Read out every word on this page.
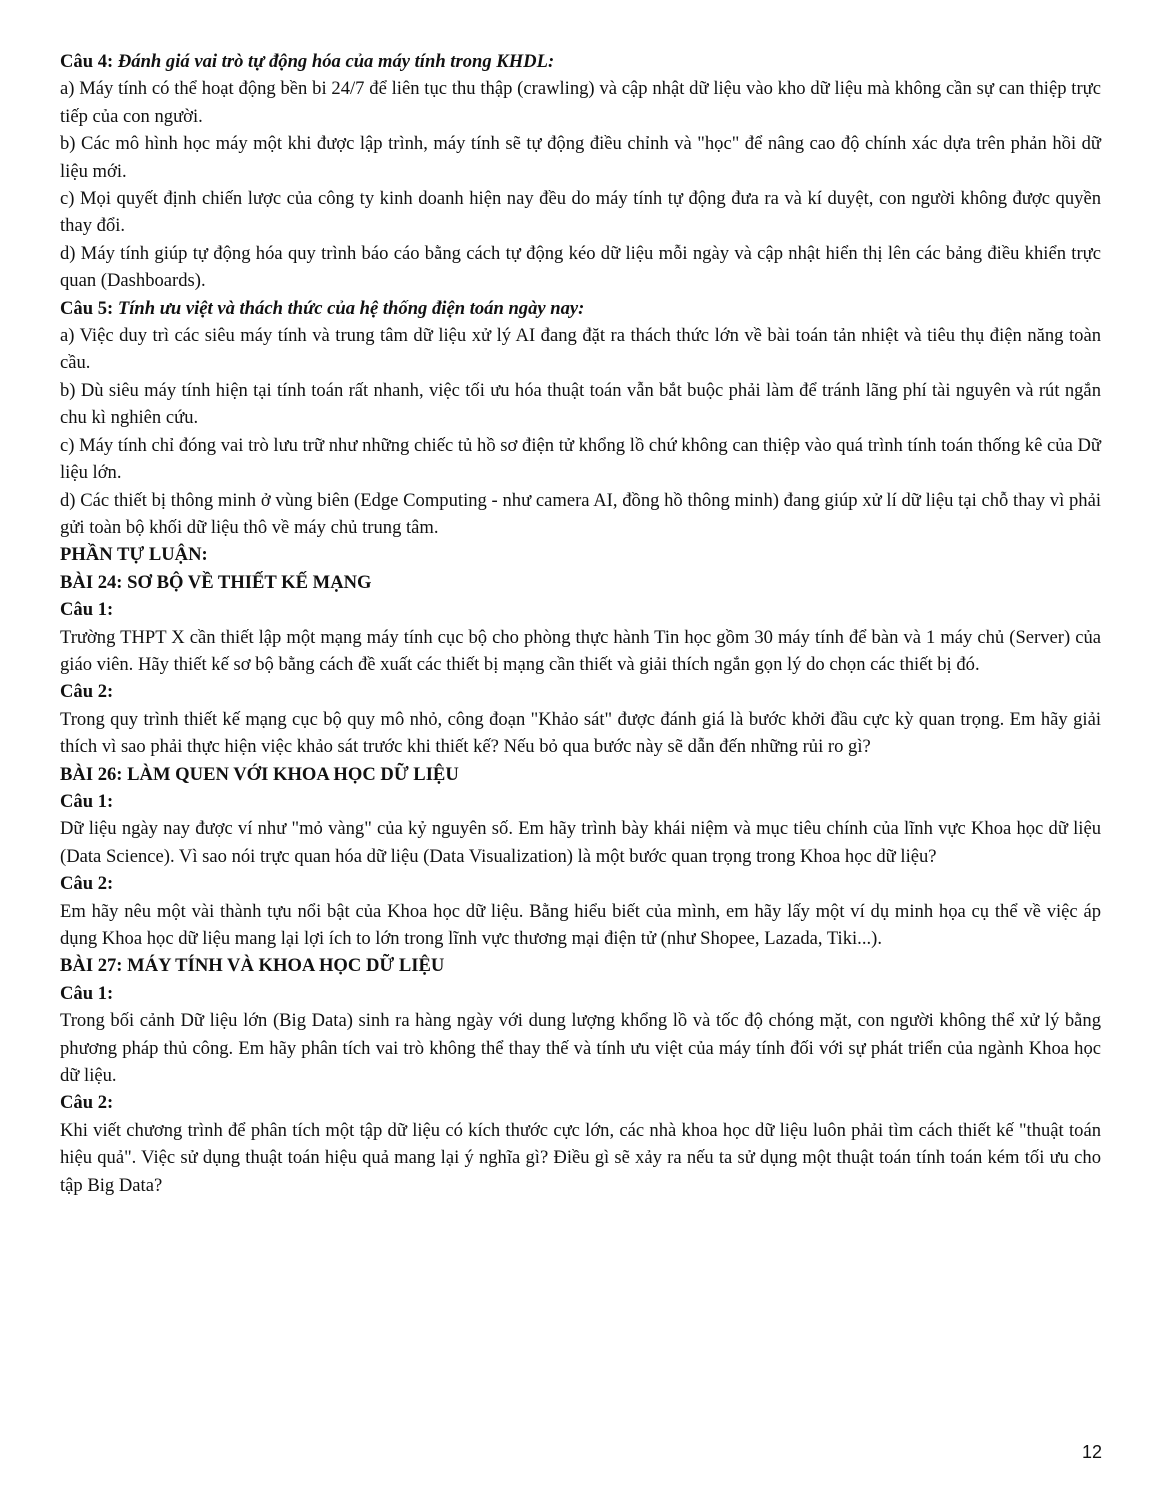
Câu 4: Đánh giá vai trò tự động hóa của máy tính trong KHDL:

a) Máy tính có thể hoạt động bền bi 24/7 để liên tục thu thập (crawling) và cập nhật dữ liệu vào kho dữ liệu mà không cần sự can thiệp trực tiếp của con người.

b) Các mô hình học máy một khi được lập trình, máy tính sẽ tự động điều chỉnh và "học" để nâng cao độ chính xác dựa trên phản hồi dữ liệu mới.

c) Mọi quyết định chiến lược của công ty kinh doanh hiện nay đều do máy tính tự động đưa ra và kí duyệt, con người không được quyền thay đổi.

d) Máy tính giúp tự động hóa quy trình báo cáo bằng cách tự động kéo dữ liệu mỗi ngày và cập nhật hiển thị lên các bảng điều khiển trực quan (Dashboards).

Câu 5: Tính ưu việt và thách thức của hệ thống điện toán ngày nay:

a) Việc duy trì các siêu máy tính và trung tâm dữ liệu xử lý AI đang đặt ra thách thức lớn về bài toán tản nhiệt và tiêu thụ điện năng toàn cầu.

b) Dù siêu máy tính hiện tại tính toán rất nhanh, việc tối ưu hóa thuật toán vẫn bắt buộc phải làm để tránh lãng phí tài nguyên và rút ngắn chu kì nghiên cứu.

c) Máy tính chỉ đóng vai trò lưu trữ như những chiếc tủ hồ sơ điện tử khổng lồ chứ không can thiệp vào quá trình tính toán thống kê của Dữ liệu lớn.

d) Các thiết bị thông minh ở vùng biên (Edge Computing - như camera AI, đồng hồ thông minh) đang giúp xử lí dữ liệu tại chỗ thay vì phải gửi toàn bộ khối dữ liệu thô về máy chủ trung tâm.

PHẦN TỰ LUẬN:

BÀI 24: SƠ BỘ VỀ THIẾT KẾ MẠNG

Câu 1:

Trường THPT X cần thiết lập một mạng máy tính cục bộ cho phòng thực hành Tin học gồm 30 máy tính để bàn và 1 máy chủ (Server) của giáo viên. Hãy thiết kế sơ bộ bằng cách đề xuất các thiết bị mạng cần thiết và giải thích ngắn gọn lý do chọn các thiết bị đó.

Câu 2:

Trong quy trình thiết kế mạng cục bộ quy mô nhỏ, công đoạn "Khảo sát" được đánh giá là bước khởi đầu cực kỳ quan trọng. Em hãy giải thích vì sao phải thực hiện việc khảo sát trước khi thiết kế? Nếu bỏ qua bước này sẽ dẫn đến những rủi ro gì?

BÀI 26: LÀM QUEN VỚI KHOA HỌC DỮ LIỆU

Câu 1:

Dữ liệu ngày nay được ví như "mỏ vàng" của kỷ nguyên số. Em hãy trình bày khái niệm và mục tiêu chính của lĩnh vực Khoa học dữ liệu (Data Science). Vì sao nói trực quan hóa dữ liệu (Data Visualization) là một bước quan trọng trong Khoa học dữ liệu?

Câu 2:

Em hãy nêu một vài thành tựu nổi bật của Khoa học dữ liệu. Bằng hiểu biết của mình, em hãy lấy một ví dụ minh họa cụ thể về việc áp dụng Khoa học dữ liệu mang lại lợi ích to lớn trong lĩnh vực thương mại điện tử (như Shopee, Lazada, Tiki...).

BÀI 27: MÁY TÍNH VÀ KHOA HỌC DỮ LIỆU

Câu 1:

Trong bối cảnh Dữ liệu lớn (Big Data) sinh ra hàng ngày với dung lượng khổng lồ và tốc độ chóng mặt, con người không thể xử lý bằng phương pháp thủ công. Em hãy phân tích vai trò không thể thay thế và tính ưu việt của máy tính đối với sự phát triển của ngành Khoa học dữ liệu.

Câu 2:

Khi viết chương trình để phân tích một tập dữ liệu có kích thước cực lớn, các nhà khoa học dữ liệu luôn phải tìm cách thiết kế "thuật toán hiệu quả". Việc sử dụng thuật toán hiệu quả mang lại ý nghĩa gì? Điều gì sẽ xảy ra nếu ta sử dụng một thuật toán tính toán kém tối ưu cho tập Big Data?

12
